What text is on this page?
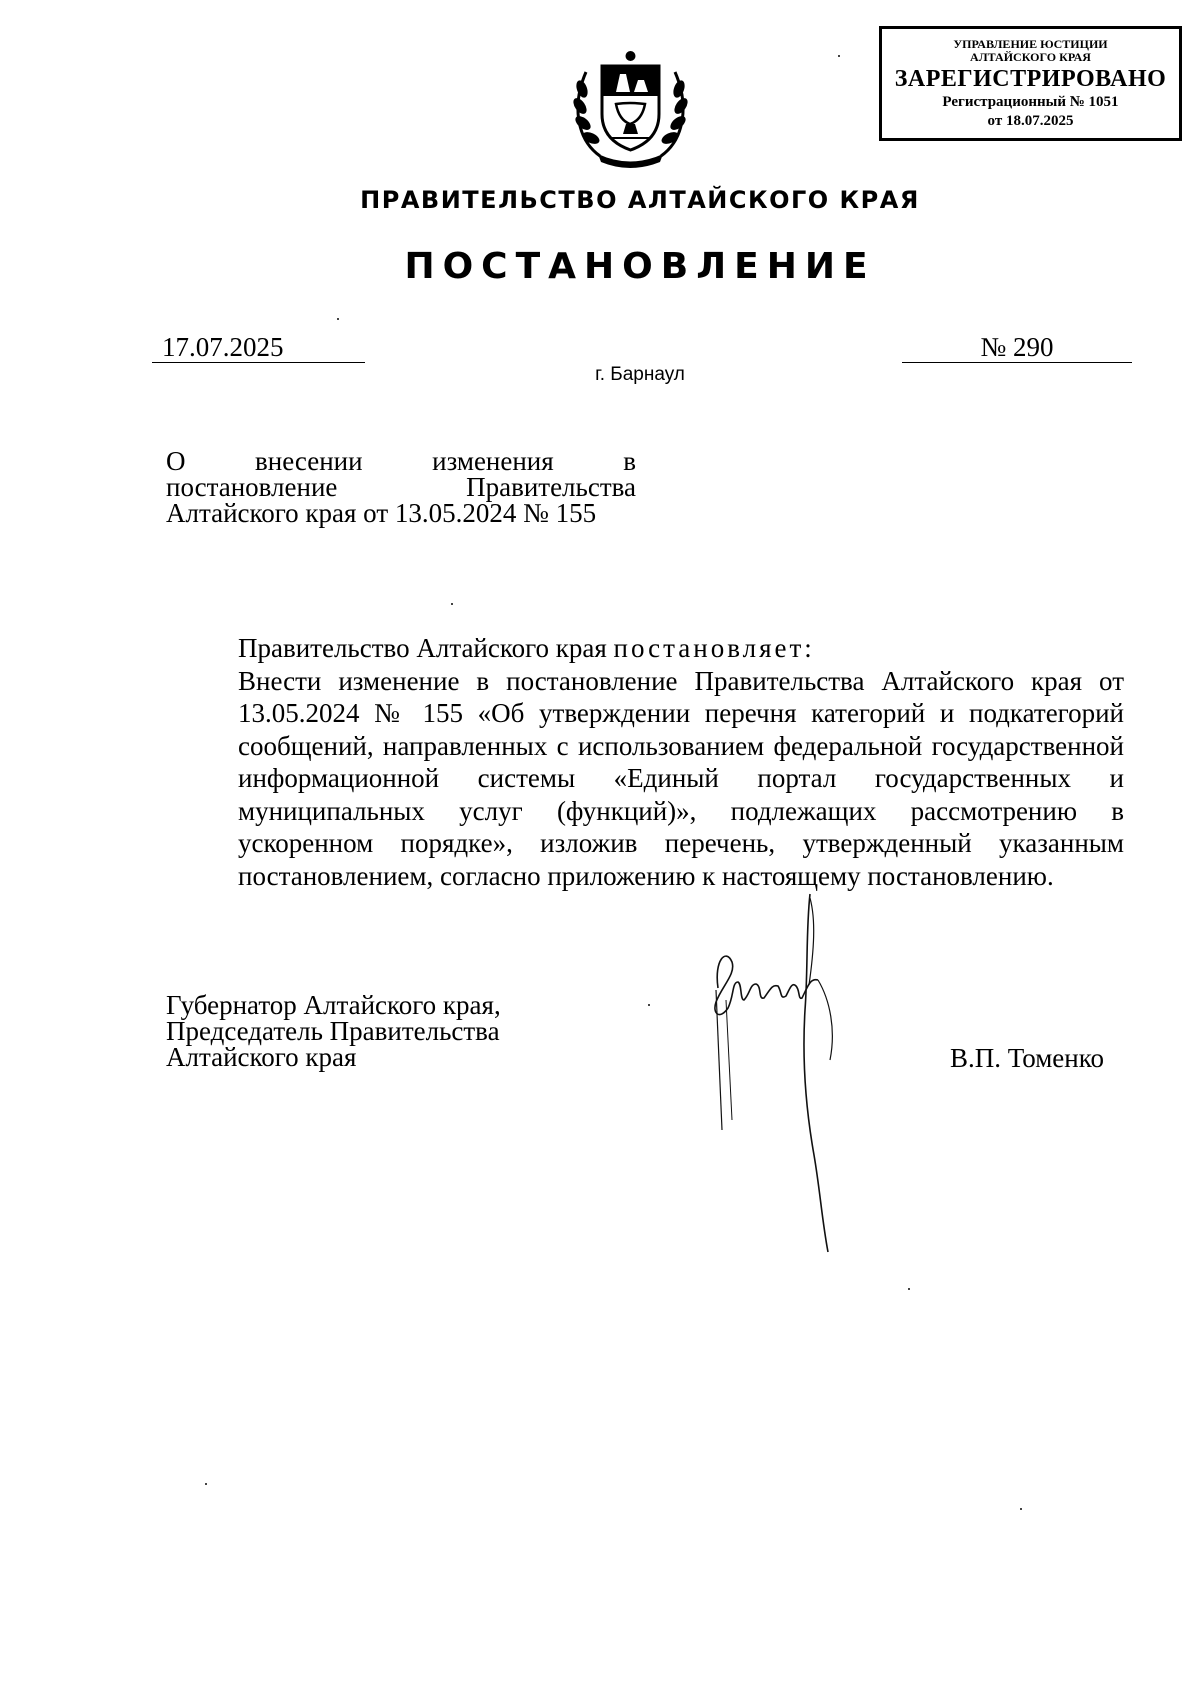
УПРАВЛЕНИЕ ЮСТИЦИИ
АЛТАЙСКОГО КРАЯ
ЗАРЕГИСТРИРОВАНО
Регистрационный № 1051
от 18.07.2025
ПРАВИТЕЛЬСТВО АЛТАЙСКОГО КРАЯ
ПОСТАНОВЛЕНИЕ
17.07.2025	№ 290
г. Барнаул
О внесении изменения в
постановление Правительства
Алтайского края от 13.05.2024 № 155
Правительство Алтайского края постановляет:
Внести изменение в постановление Правительства Алтайского края от 13.05.2024 № 155 «Об утверждении перечня категорий и подкатегорий сообщений, направленных с использованием федеральной государственной информационной системы «Единый портал государственных и муниципальных услуг (функций)», подлежащих рассмотрению в ускоренном порядке», изложив перечень, утвержденный указанным постановлением, согласно приложению к настоящему постановлению.
Губернатор Алтайского края,
Председатель Правительства
Алтайского края	В.П. Томенко
